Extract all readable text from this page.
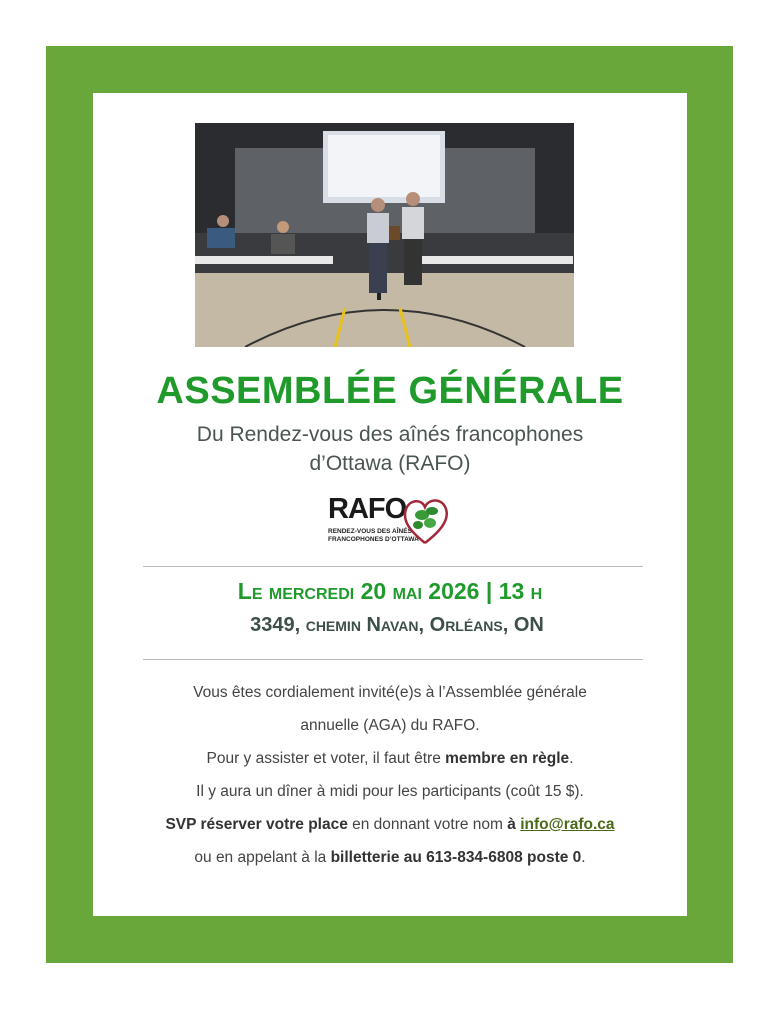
ASSEMBLÉE GÉNÉRALE
Du Rendez-vous des aînés francophones
d’Ottawa (RAFO)
RAFO
RENDEZ-VOUS DES AÎNÉS
FRANCOPHONES D’OTTAWA
Le mercredi 20 mai 2026 | 13 h
3349, chemin Navan, Orléans, ON

Vous êtes cordialement invité(e)s à l’Assemblée générale

annuelle (AGA) du RAFO.

Pour y assister et voter, il faut être membre en règle.

Il y aura un dîner à midi pour les participants (coût 15 $).

SVP réserver votre place en donnant votre nom à info@rafo.ca

ou en appelant à la billetterie au 613-834-6808 poste 0.
